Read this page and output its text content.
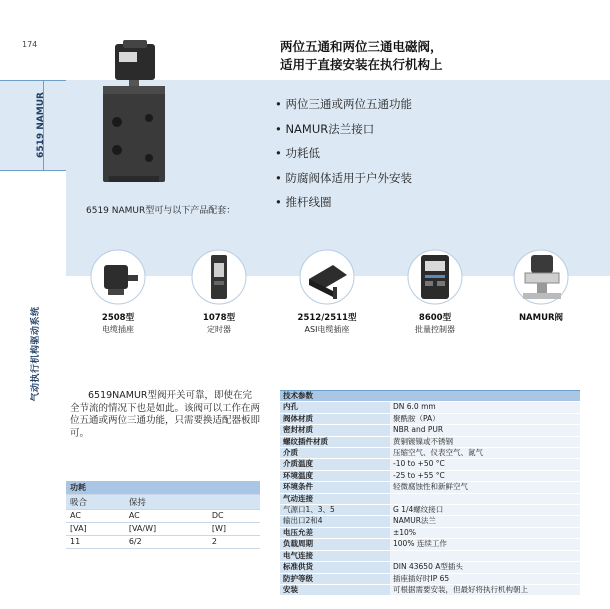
174
6519 NAMUR
气动执行机构驱动系统
6519 NAMUR型可与以下产品配套：
两位五通和两位三通电磁阀，
适用于直接安装在执行机构上
• 两位三通或两位五通功能
• NAMUR法兰接口
• 功耗低
• 防腐阀体适用于户外安装
• 推杆线圈
2508型
电缆插座
1078型
定时器
2512/2511型
ASI电缆插座
8600型
批量控制器
NAMUR阀
6519NAMUR型阀开关可靠，即使在完全节流的情况下也是如此。该阀可以工作在两位五通或两位三通功能，只需要换适配器板即可。
功耗		
吸合	保持	
AC	AC	DC
[VA]	[VA/W]	[W]
11	6/2	2
技术参数	
内孔	DN 6.0 mm
阀体材质	聚酰胺（PA）
密封材质	NBR and PUR
螺纹插件材质	黄铜镀镍或不锈钢
介质	压缩空气、仪表空气、氮气
介质温度	-10 to +50 °C
环境温度	-25 to +55 °C
环境条件	轻微腐蚀性和新鲜空气
气动连接	
气源口1、3、5	G 1/4螺纹接口
输出口2和4	NAMUR法兰
电压允差	±10%
负载周期	100% 连续工作
电气连接	
标准供货	DIN 43650 A型插头
防护等级	插座插好时IP 65
安装	可根据需要安装，但最好将执行机构朝上
